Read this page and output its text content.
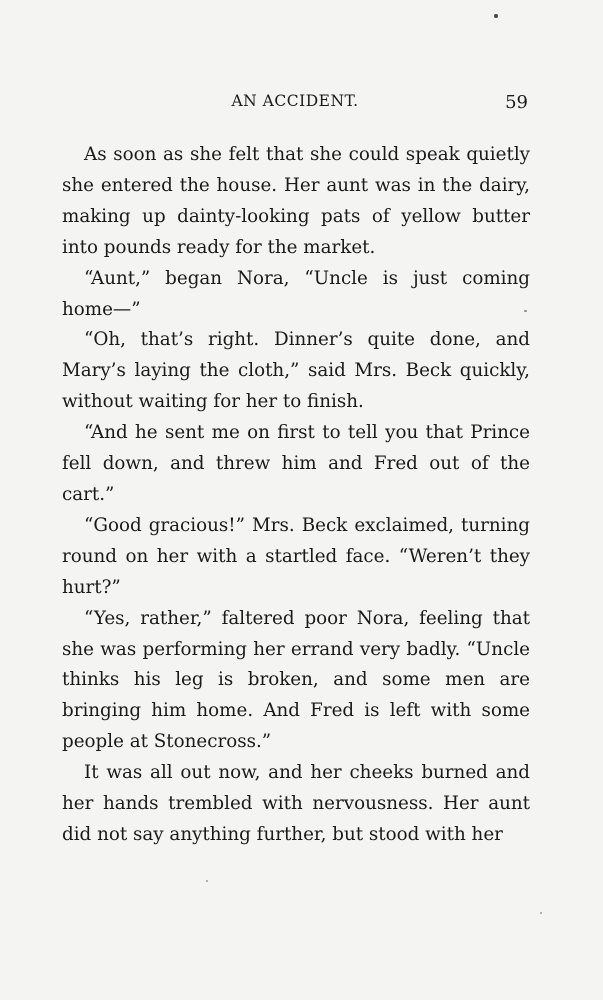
AN ACCIDENT.	59

As soon as she felt that she could speak quietly she entered the house. Her aunt was in the dairy, making up dainty-looking pats of yellow butter into pounds ready for the market.

“Aunt,” began Nora, “Uncle is just coming home—”

“Oh, that’s right. Dinner’s quite done, and Mary’s laying the cloth,” said Mrs. Beck quickly, without waiting for her to finish.

“And he sent me on first to tell you that Prince fell down, and threw him and Fred out of the cart.”

“Good gracious!” Mrs. Beck exclaimed, turning round on her with a startled face. “Weren’t they hurt?”

“Yes, rather,” faltered poor Nora, feeling that she was performing her errand very badly. “Uncle thinks his leg is broken, and some men are bringing him home. And Fred is left with some people at Stonecross.”

It was all out now, and her cheeks burned and her hands trembled with nervousness. Her aunt did not say anything further, but stood with her
